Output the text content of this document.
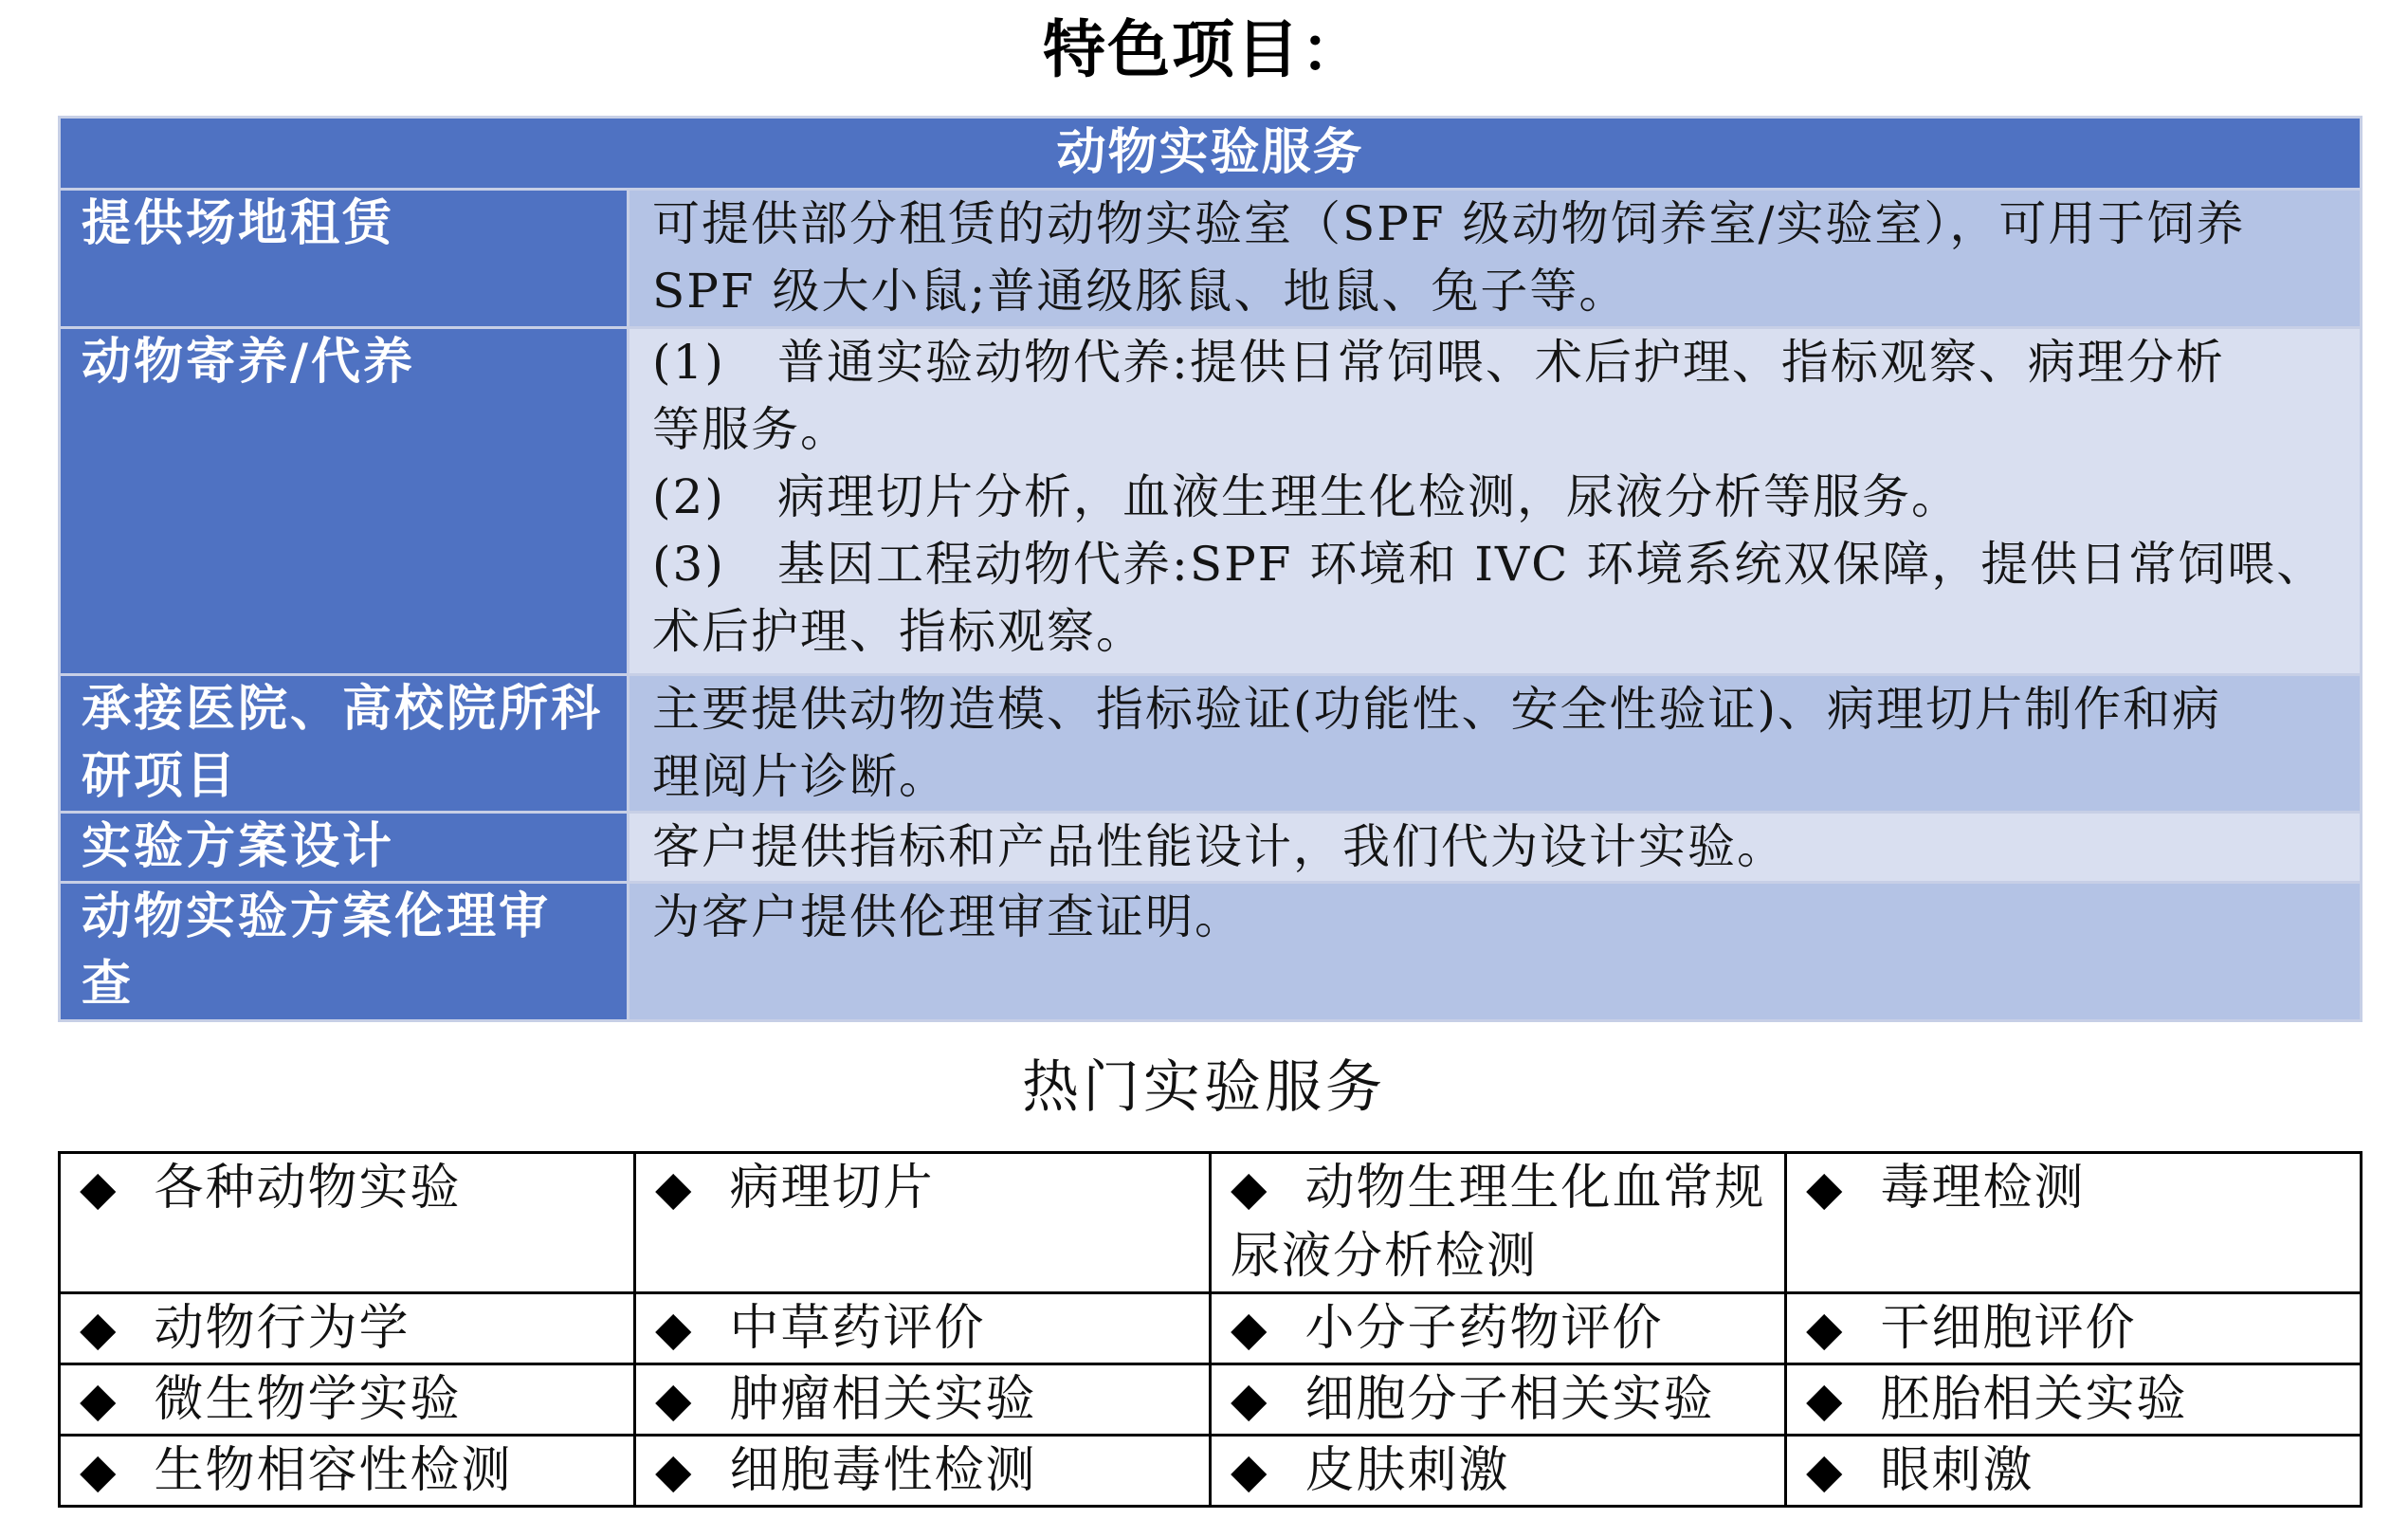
特色项目：
动物实验服务	
提供场地租赁	可提供部分租赁的动物实验室（SPF 级动物饲养室/实验室），可用于饲养
SPF 级大小鼠;普通级豚鼠、地鼠、兔子等。

动物寄养/代养	(1) 普通实验动物代养:提供日常饲喂、术后护理、指标观察、病理分析
等服务。
(2) 病理切片分析，血液生理生化检测，尿液分析等服务。
(3) 基因工程动物代养:SPF 环境和 IVC 环境系统双保障，提供日常饲喂、
术后护理、指标观察。

承接医院、高校院所科
研项目	主要提供动物造模、指标验证(功能性、安全性验证)、病理切片制作和病
理阅片诊断。

实验方案设计	客户提供指标和产品性能设计，我们代为设计实验。

动物实验方案伦理审
查	为客户提供伦理审查证明。
热门实验服务
◆ 各种动物实验	◆ 病理切片	◆ 动物生理生化血常规尿液分析检测	◆ 毒理检测
◆ 动物行为学	◆ 中草药评价	◆ 小分子药物评价	◆ 干细胞评价
◆ 微生物学实验	◆ 肿瘤相关实验	◆ 细胞分子相关实验	◆ 胚胎相关实验
◆ 生物相容性检测	◆ 细胞毒性检测	◆ 皮肤刺激	◆ 眼刺激
